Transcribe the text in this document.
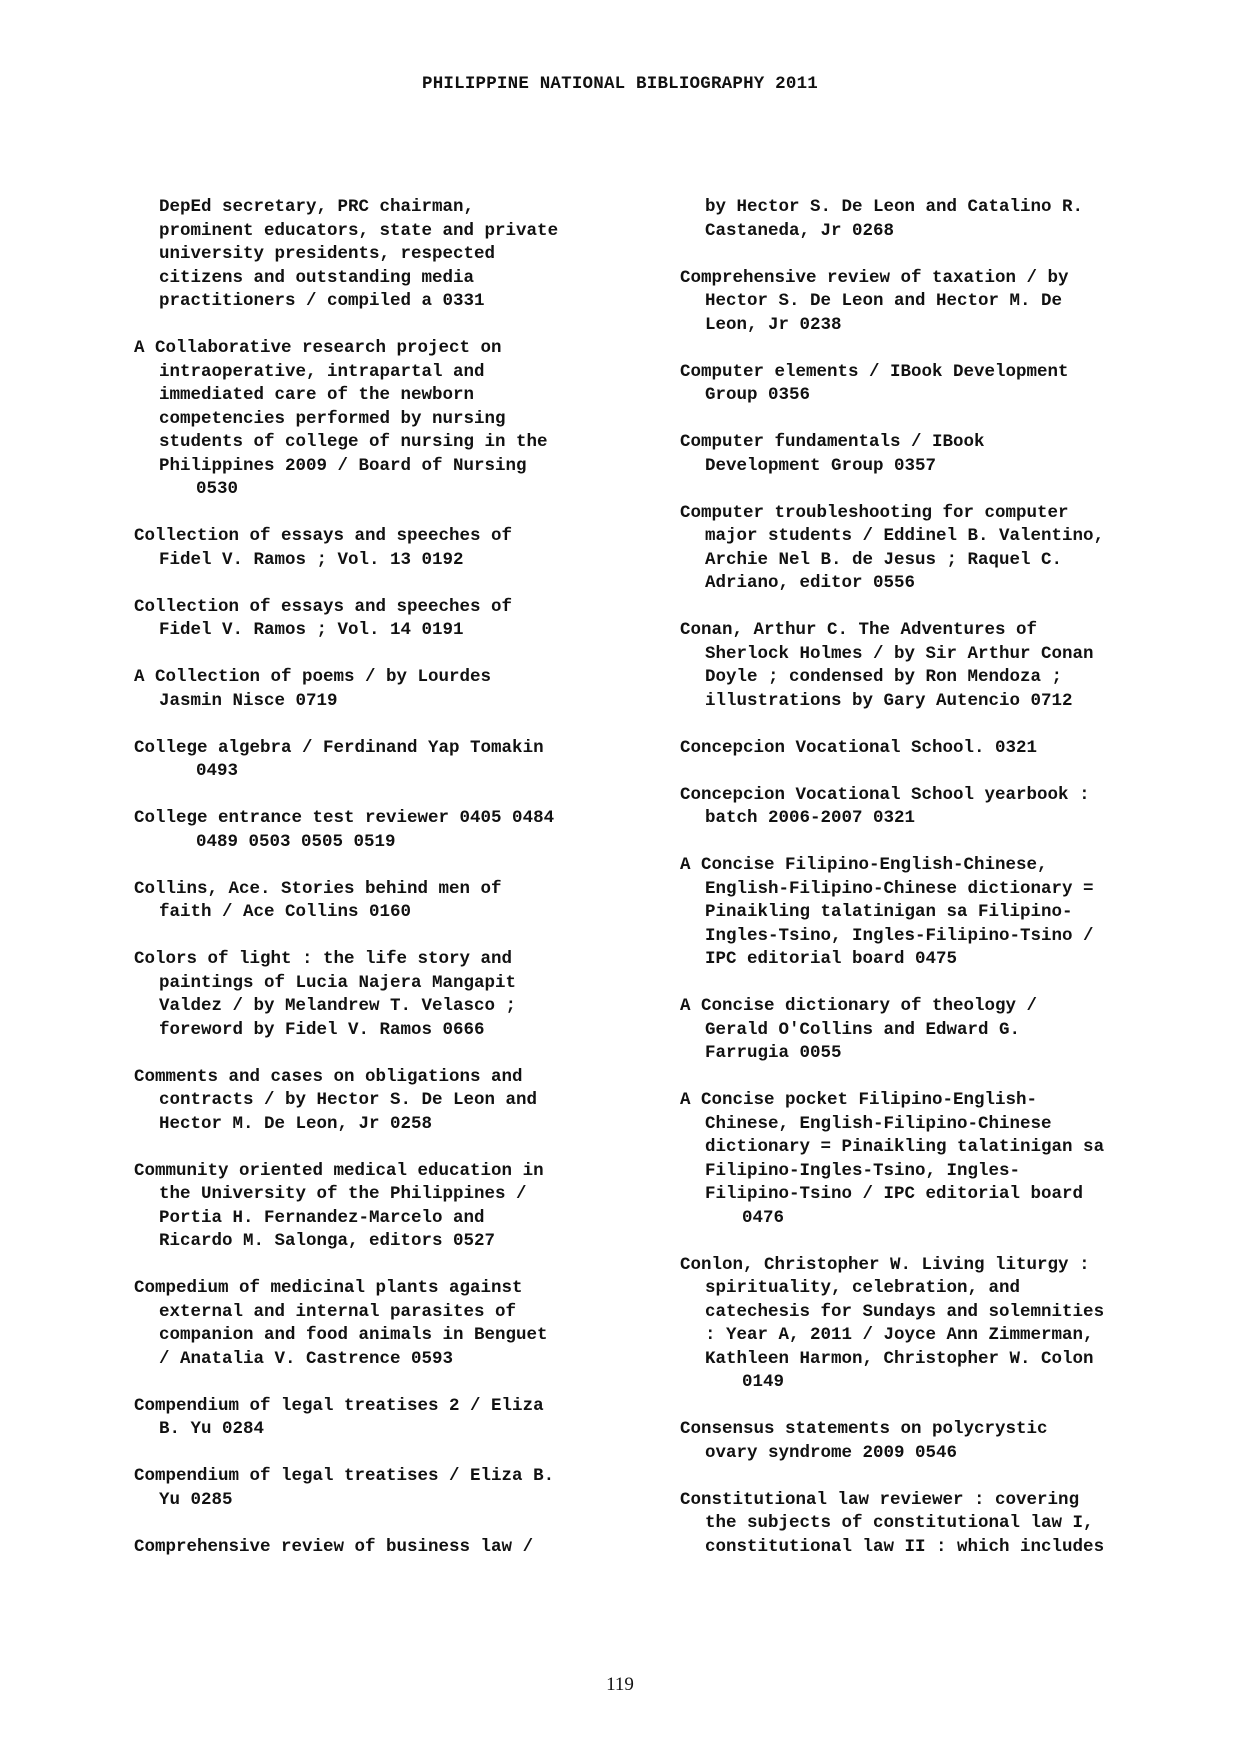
PHILIPPINE NATIONAL BIBLIOGRAPHY 2011
DepEd secretary, PRC chairman,
prominent educators, state and private
university presidents, respected
citizens and outstanding media
practitioners / compiled a 0331
A Collaborative research project on
intraoperative, intrapartal and
immediated care of the newborn
competencies performed by nursing
students of college of nursing in the
Philippines 2009 / Board of Nursing
0530
Collection of essays and speeches of
Fidel V. Ramos ; Vol. 13 0192
Collection of essays and speeches of
Fidel V. Ramos ; Vol. 14 0191
A Collection of poems / by Lourdes
Jasmin Nisce 0719
College algebra / Ferdinand Yap Tomakin
0493
College entrance test reviewer 0405 0484
0489 0503 0505 0519
Collins, Ace. Stories behind men of
faith / Ace Collins 0160
Colors of light : the life story and
paintings of Lucia Najera Mangapit
Valdez / by Melandrew T. Velasco ;
foreword by Fidel V. Ramos 0666
Comments and cases on obligations and
contracts / by Hector S. De Leon and
Hector M. De Leon, Jr 0258
Community oriented medical education in
the University of the Philippines /
Portia H. Fernandez-Marcelo and
Ricardo M. Salonga, editors 0527
Compedium of medicinal plants against
external and internal parasites of
companion and food animals in Benguet
/ Anatalia V. Castrence 0593
Compendium of legal treatises 2 / Eliza
B. Yu 0284
Compendium of legal treatises / Eliza B.
Yu 0285
Comprehensive review of business law /
by Hector S. De Leon and Catalino R.
Castaneda, Jr 0268
Comprehensive review of taxation / by
Hector S. De Leon and Hector M. De
Leon, Jr 0238
Computer elements / IBook Development
Group 0356
Computer fundamentals / IBook
Development Group 0357
Computer troubleshooting for computer
major students / Eddinel B. Valentino,
Archie Nel B. de Jesus ; Raquel C.
Adriano, editor 0556
Conan, Arthur C. The Adventures of
Sherlock Holmes / by Sir Arthur Conan
Doyle ; condensed by Ron Mendoza ;
illustrations by Gary Autencio 0712
Concepcion Vocational School. 0321
Concepcion Vocational School yearbook :
batch 2006-2007 0321
A Concise Filipino-English-Chinese,
English-Filipino-Chinese dictionary =
Pinaikling talatinigan sa Filipino-
Ingles-Tsino, Ingles-Filipino-Tsino /
IPC editorial board 0475
A Concise dictionary of theology /
Gerald O'Collins and Edward G.
Farrugia 0055
A Concise pocket Filipino-English-
Chinese, English-Filipino-Chinese
dictionary = Pinaikling talatinigan sa
Filipino-Ingles-Tsino, Ingles-
Filipino-Tsino / IPC editorial board
0476
Conlon, Christopher W. Living liturgy :
spirituality, celebration, and
catechesis for Sundays and solemnities
: Year A, 2011 / Joyce Ann Zimmerman,
Kathleen Harmon, Christopher W. Colon
0149
Consensus statements on polycrystic
ovary syndrome 2009 0546
Constitutional law reviewer : covering
the subjects of constitutional law I,
constitutional law II : which includes
119
